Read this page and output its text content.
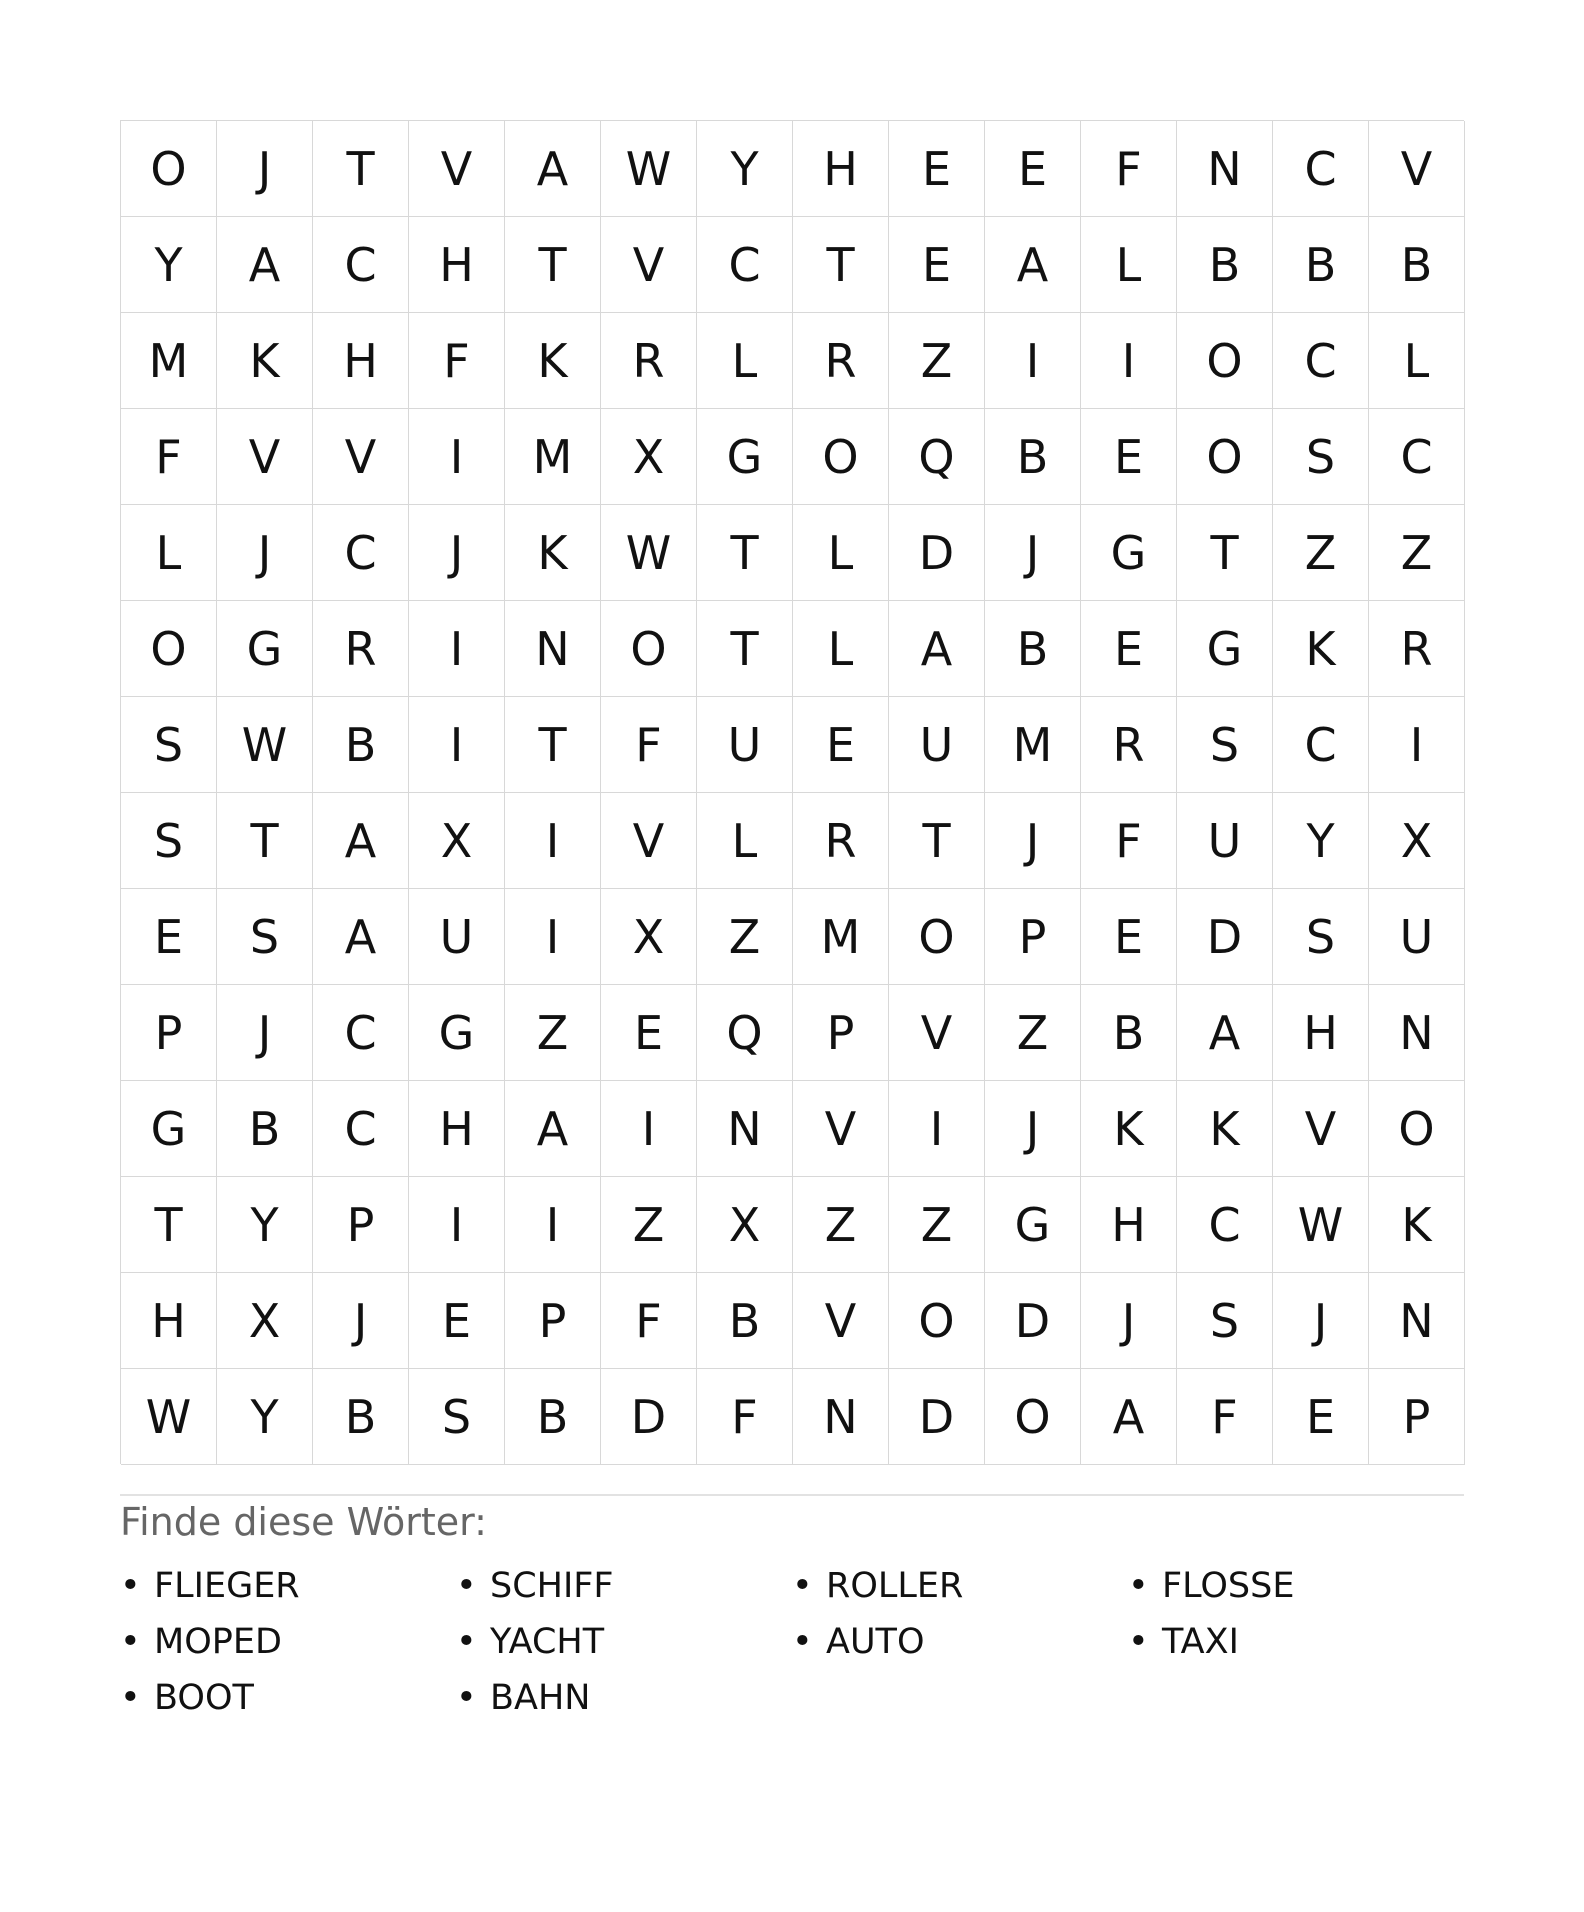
O	J	T	V	A	W	Y	H	E	E	F	N	C	V
Y	A	C	H	T	V	C	T	E	A	L	B	B	B
M	K	H	F	K	R	L	R	Z	I	I	O	C	L
F	V	V	I	M	X	G	O	Q	B	E	O	S	C
L	J	C	J	K	W	T	L	D	J	G	T	Z	Z
O	G	R	I	N	O	T	L	A	B	E	G	K	R
S	W	B	I	T	F	U	E	U	M	R	S	C	I
S	T	A	X	I	V	L	R	T	J	F	U	Y	X
E	S	A	U	I	X	Z	M	O	P	E	D	S	U
P	J	C	G	Z	E	Q	P	V	Z	B	A	H	N
G	B	C	H	A	I	N	V	I	J	K	K	V	O
T	Y	P	I	I	Z	X	Z	Z	G	H	C	W	K
H	X	J	E	P	F	B	V	O	D	J	S	J	N
W	Y	B	S	B	D	F	N	D	O	A	F	E	P
Finde diese Wörter:
• FLIEGER	• SCHIFF	• ROLLER	• FLOSSE
• MOPED	• YACHT	• AUTO	• TAXI
• BOOT	• BAHN
